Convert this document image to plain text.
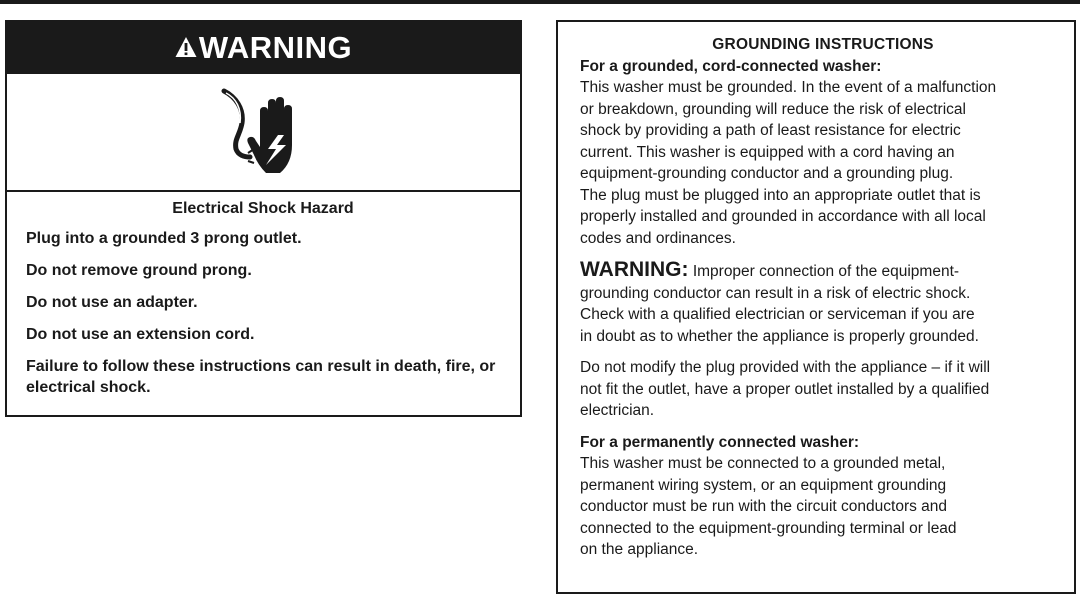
WARNING

Electrical Shock Hazard

Plug into a grounded 3 prong outlet.

Do not remove ground prong.

Do not use an adapter.

Do not use an extension cord.

Failure to follow these instructions can result in death, fire, or electrical shock.

GROUNDING INSTRUCTIONS

For a grounded, cord-connected washer:

This washer must be grounded. In the event of a malfunction

or breakdown, grounding will reduce the risk of electrical

shock by providing a path of least resistance for electric

current. This washer is equipped with a cord having an

equipment-grounding conductor and a grounding plug.

The plug must be plugged into an appropriate outlet that is

properly installed and grounded in accordance with all local

codes and ordinances.

WARNING: Improper connection of the equipment-

grounding conductor can result in a risk of electric shock.

Check with a qualified electrician or serviceman if you are

in doubt as to whether the appliance is properly grounded.

Do not modify the plug provided with the appliance – if it will

not fit the outlet, have a proper outlet installed by a qualified

electrician.

For a permanently connected washer:

This washer must be connected to a grounded metal,

permanent wiring system, or an equipment grounding

conductor must be run with the circuit conductors and

connected to the equipment-grounding terminal or lead

on the appliance.
